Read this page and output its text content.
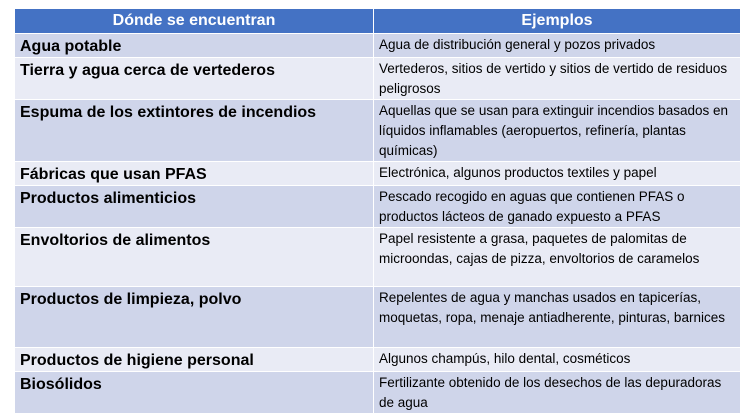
Dónde se encuentran	Ejemplos
Agua potable	Agua de distribución general y pozos privados
Tierra y agua cerca de vertederos	Vertederos, sitios de vertido y sitios de vertido de residuos peligrosos
Espuma de los extintores de incendios	Aquellas que se usan para extinguir incendios basados en líquidos inflamables (aeropuertos, refinería, plantas químicas)
Fábricas que usan PFAS	Electrónica, algunos productos textiles y papel
Productos alimenticios	Pescado recogido en aguas que contienen PFAS o productos lácteos de ganado expuesto a PFAS
Envoltorios de alimentos	Papel resistente a grasa, paquetes de palomitas de microondas, cajas de pizza, envoltorios de caramelos
Productos de limpieza, polvo	Repelentes de agua y manchas usados en tapicerías, moquetas, ropa, menaje antiadherente, pinturas, barnices
Productos de higiene personal	Algunos champús, hilo dental, cosméticos
Biosólidos	Fertilizante obtenido de los desechos de las depuradoras de agua
